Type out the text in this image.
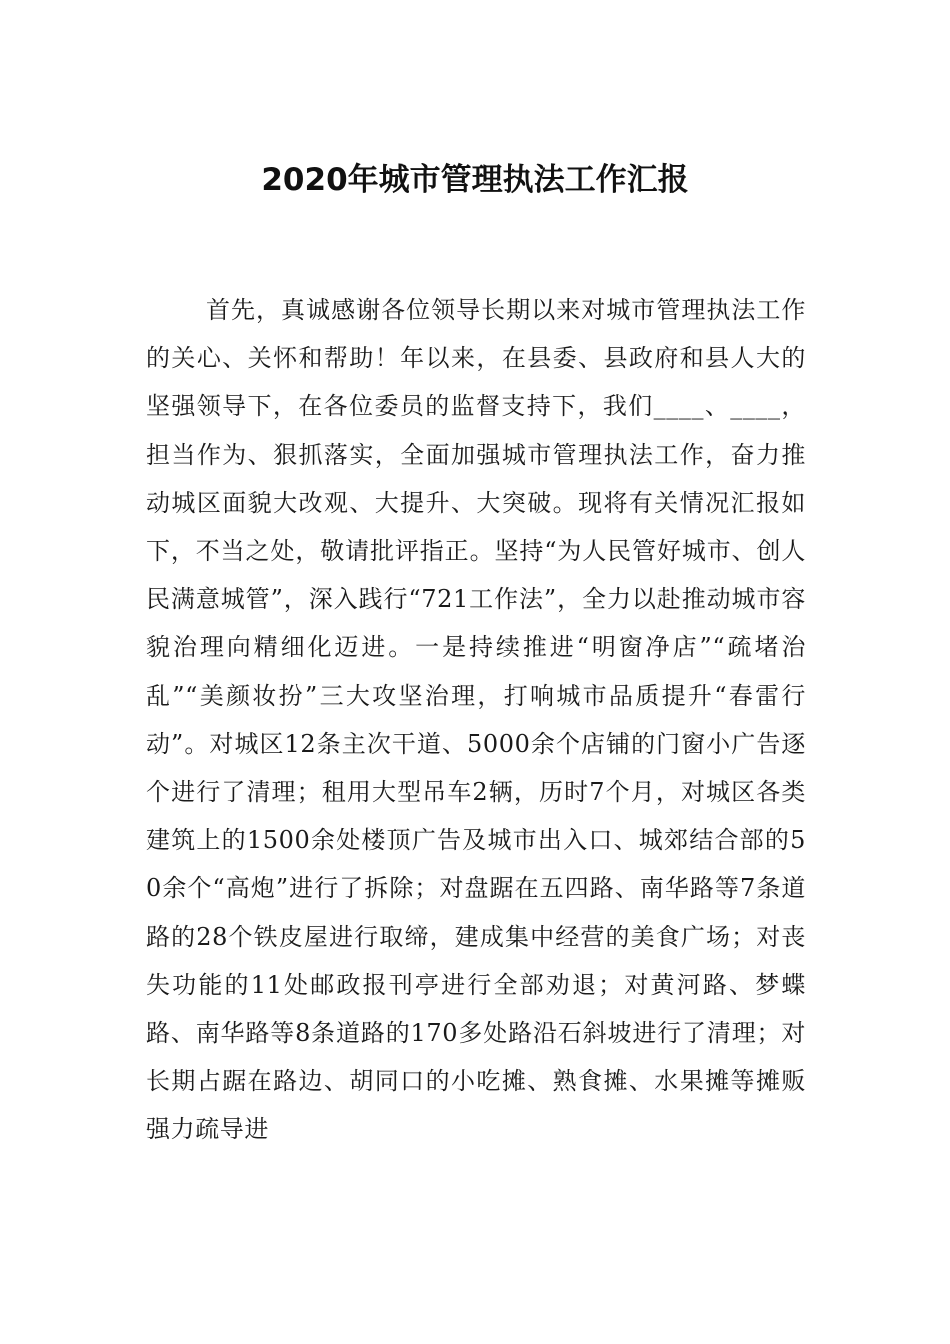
2020年城市管理执法工作汇报

首先，真诚感谢各位领导长期以来对城市管理执法工作的关心、关怀和帮助！年以来，在县委、县政府和县人大的坚强领导下，在各位委员的监督支持下，我们____、____，担当作为、狠抓落实，全面加强城市管理执法工作，奋力推动城区面貌大改观、大提升、大突破。现将有关情况汇报如下，不当之处，敬请批评指正。坚持“为人民管好城市、创人民满意城管”，深入践行“721工作法”，全力以赴推动城市容貌治理向精细化迈进。一是持续推进“明窗净店”“疏堵治乱”“美颜妆扮”三大攻坚治理，打响城市品质提升“春雷行动”。对城区12条主次干道、5000余个店铺的门窗小广告逐个进行了清理；租用大型吊车2辆，历时7个月，对城区各类建筑上的1500余处楼顶广告及城市出入口、城郊结合部的50余个“高炮”进行了拆除；对盘踞在五四路、南华路等7条道路的28个铁皮屋进行取缔，建成集中经营的美食广场；对丧失功能的11处邮政报刊亭进行全部劝退；对黄河路、梦蝶路、南华路等8条道路的170多处路沿石斜坡进行了清理；对长期占踞在路边、胡同口的小吃摊、熟食摊、水果摊等摊贩强力疏导进
